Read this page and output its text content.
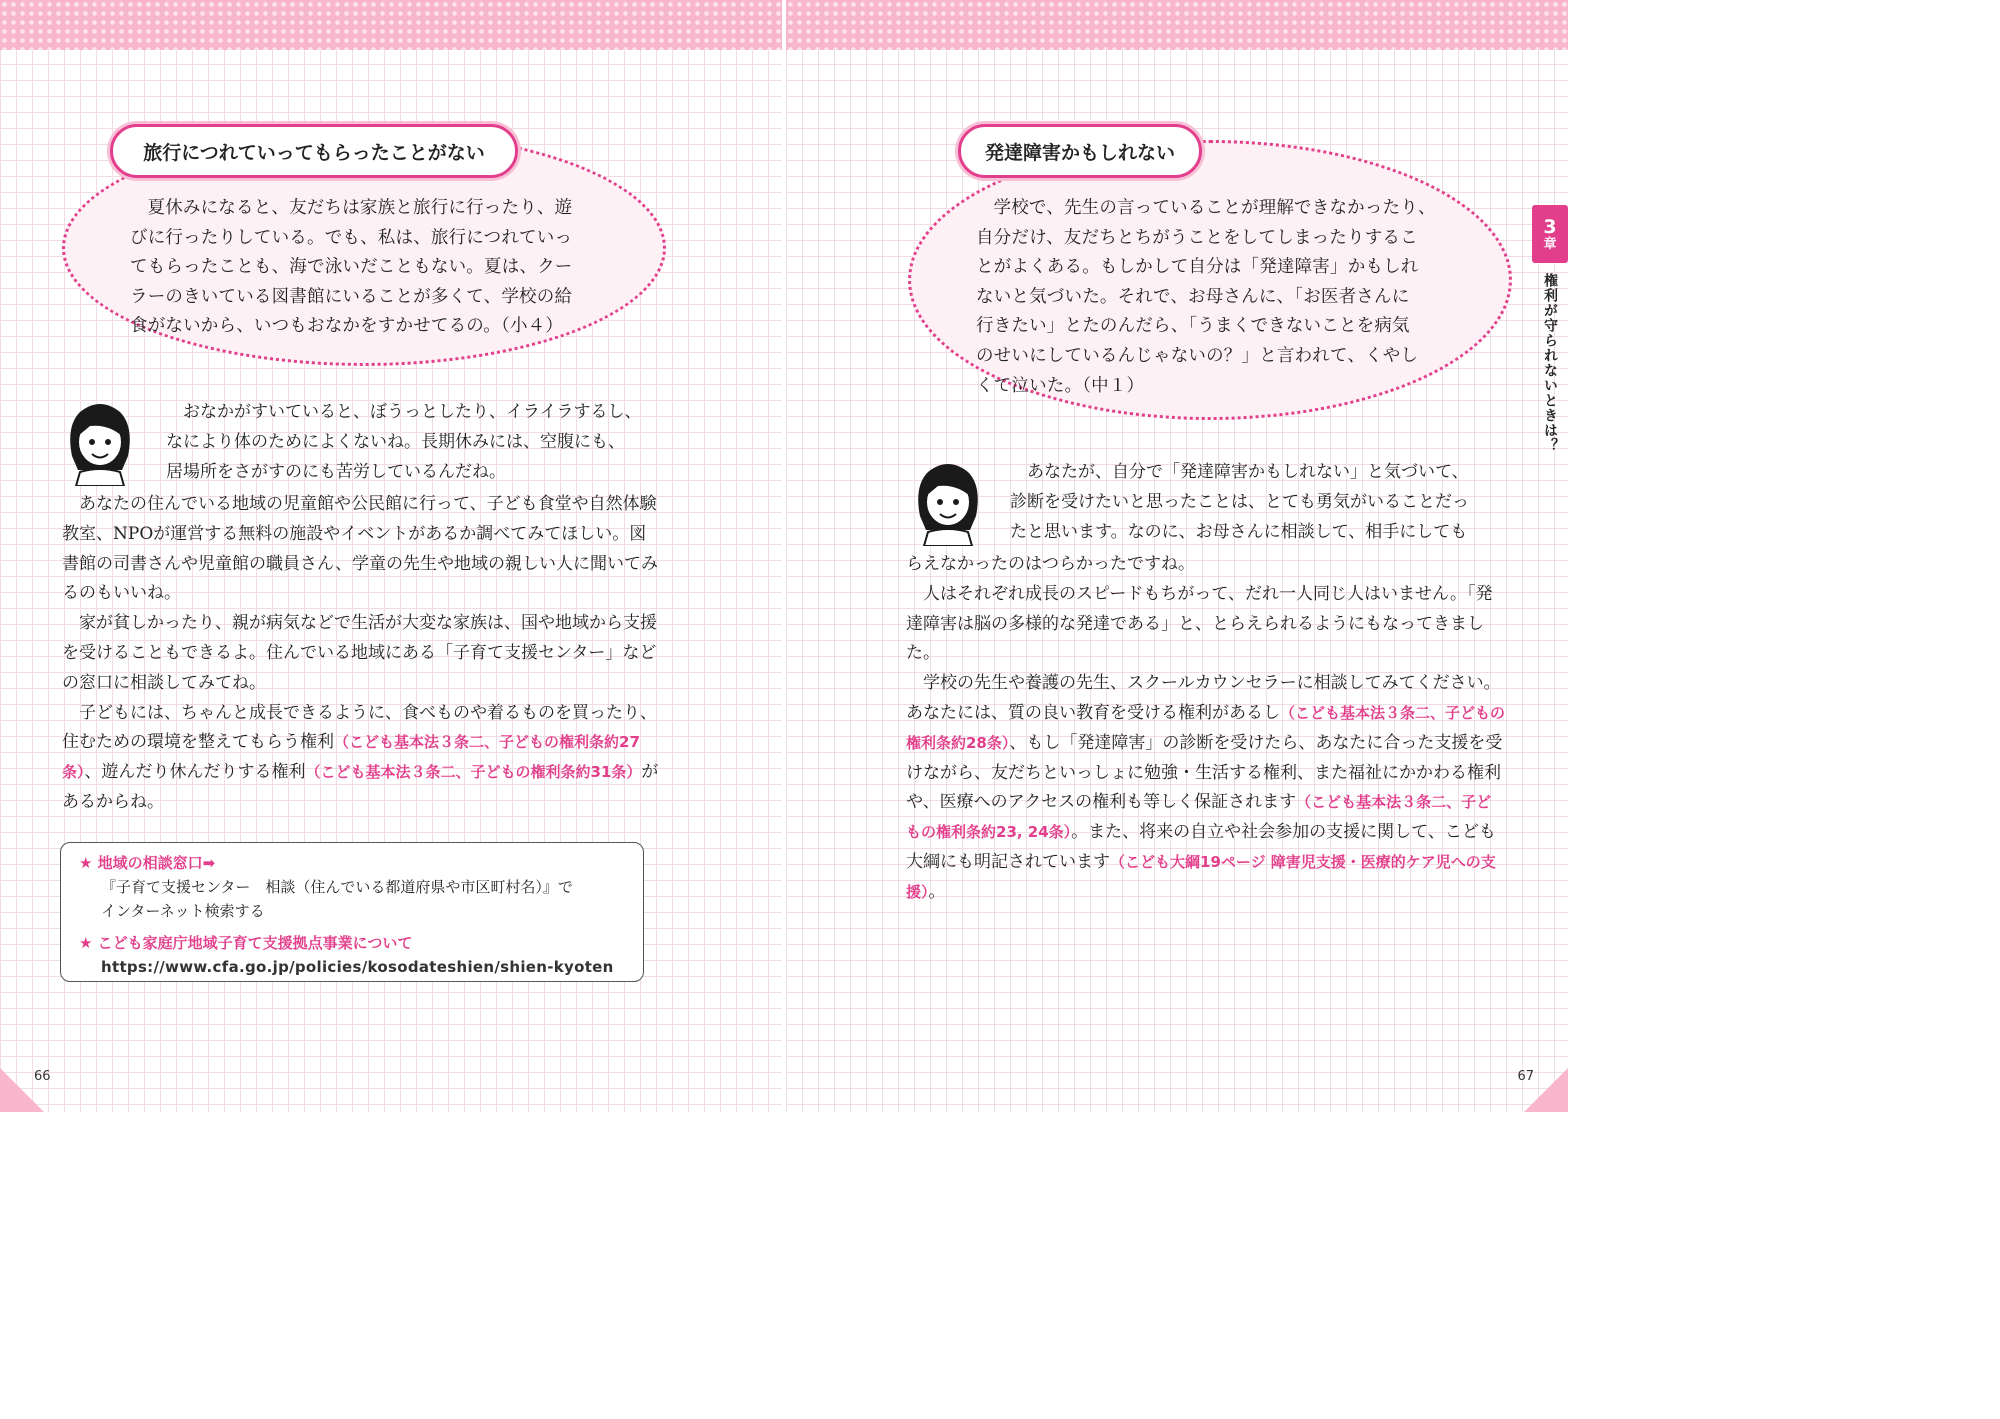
旅行につれていってもらったことがない
夏休みになると、友だちは家族と旅行に行ったり、遊
びに行ったりしている。でも、私は、旅行につれていっ
てもらったことも、海で泳いだこともない。夏は、クー
ラーのきいている図書館にいることが多くて、学校の給
食がないから、いつもおなかをすかせてるの。（小４）

おなかがすいていると、ぼうっとしたり、イライラするし、

なにより体のためによくないね。長期休みには、空腹にも、

居場所をさがすのにも苦労しているんだね。

あなたの住んでいる地域の児童館や公民館に行って、子ども食堂や自然体験教室、NPOが運営する無料の施設やイベントがあるか調べてみてほしい。図書館の司書さんや児童館の職員さん、学童の先生や地域の親しい人に聞いてみるのもいいね。

家が貧しかったり、親が病気などで生活が大変な家族は、国や地域から支援を受けることもできるよ。住んでいる地域にある「子育て支援センター」などの窓口に相談してみてね。

子どもには、ちゃんと成長できるように、食べものや着るものを買ったり、住むための環境を整えてもらう権利（こども基本法３条二、子どもの権利条約27条）、遊んだり休んだりする権利（こども基本法３条二、子どもの権利条約31条）があるからね。

★ 地域の相談窓口➡
『子育て支援センター　相談（住んでいる都道府県や市区町村名）』で
インターネット検索する
★ こども家庭庁地域子育て支援拠点事業について
https://www.cfa.go.jp/policies/kosodateshien/shien-kyoten
66
発達障害かもしれない
学校で、先生の言っていることが理解できなかったり、
自分だけ、友だちとちがうことをしてしまったりするこ
とがよくある。もしかして自分は「発達障害」かもしれ
ないと気づいた。それで、お母さんに、「お医者さんに
行きたい」とたのんだら、「うまくできないことを病気
のせいにしているんじゃないの？」と言われて、くやし
くて泣いた。（中１）

あなたが、自分で「発達障害かもしれない」と気づいて、

診断を受けたいと思ったことは、とても勇気がいることだっ

たと思います。なのに、お母さんに相談して、相手にしても

らえなかったのはつらかったですね。

人はそれぞれ成長のスピードもちがって、だれ一人同じ人はいません。「発達障害は脳の多様的な発達である」と、とらえられるようにもなってきました。

学校の先生や養護の先生、スクールカウンセラーに相談してみてください。あなたには、質の良い教育を受ける権利があるし（こども基本法３条二、子どもの権利条約28条）、もし「発達障害」の診断を受けたら、あなたに合った支援を受けながら、友だちといっしょに勉強・生活する権利、また福祉にかかわる権利や、医療へのアクセスの権利も等しく保証されます（こども基本法３条二、子どもの権利条約23, 24条）。また、将来の自立や社会参加の支援に関して、こども大綱にも明記されています（こども大綱19ページ 障害児支援・医療的ケア児への支援）。

3
章
権利が守られないときは？
67
